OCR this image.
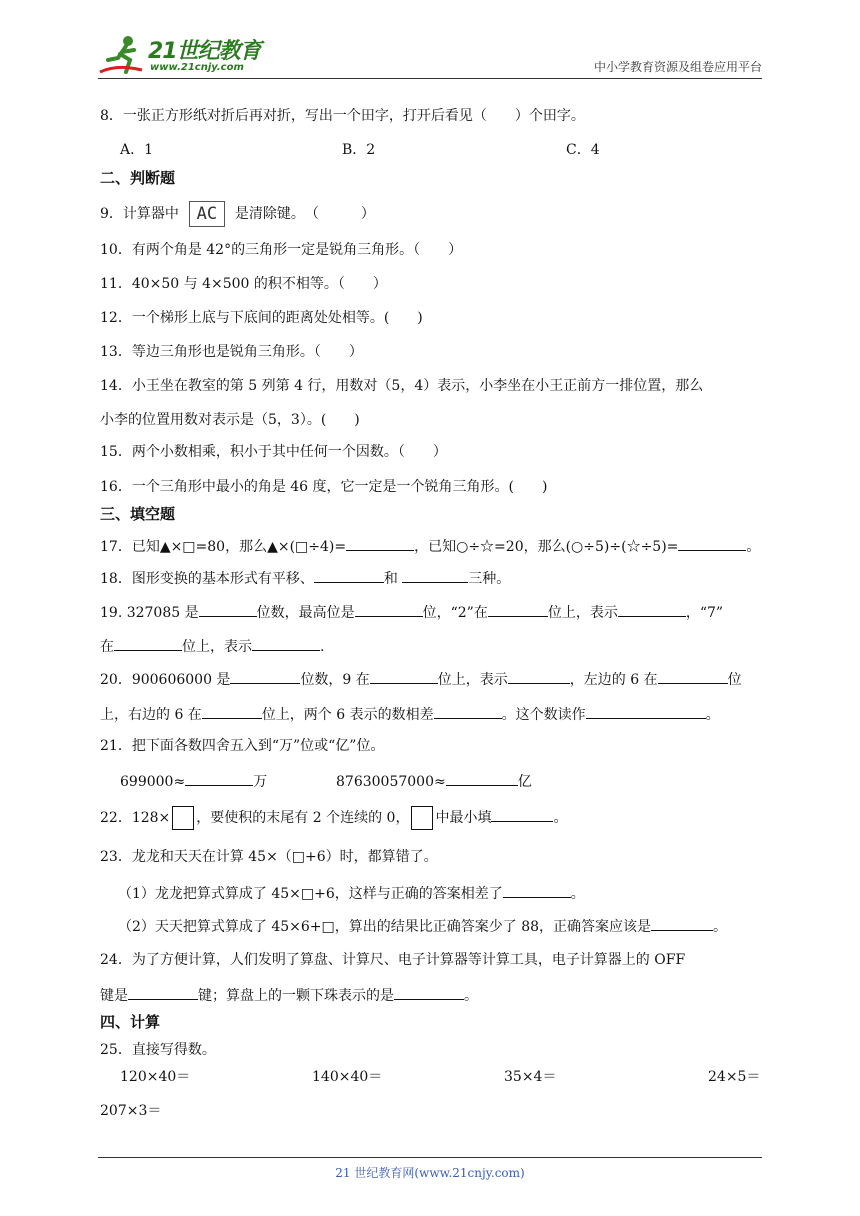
21世纪教育
www.21cnjy.com	中小学教育资源及组卷应用平台
8．一张正方形纸对折后再对折，写出一个田字，打开后看见（　　）个田字。
A．1	B．2	C．4
二、判断题
9．计算器中 AC 是清除键。　（　　　）
10．有两个角是 42°的三角形一定是锐角三角形。（　　）
11．40×50 与 4×500 的积不相等。（　　）
12．一个梯形上底与下底间的距离处处相等。(　　)
13．等边三角形也是锐角三角形。（　　）
14．小王坐在教室的第 5 列第 4 行，用数对（5，4）表示，小李坐在小王正前方一排位置，那么
小李的位置用数对表示是（5，3）。(　　)
15．两个小数相乘，积小于其中任何一个因数。（　　）
16．一个三角形中最小的角是 46 度，它一定是一个锐角三角形。(　　)
三、填空题
17．已知▲×□=80，那么▲×(□÷4)=	，已知○÷☆=20，那么(○÷5)÷(☆÷5)=	。
18．图形变换的基本形式有平移、	和	三种。
19. 327085 是	位数，最高位是	位，“2”在	位上，表示	，“7”
在	位上，表示	.
20．900606000 是	位数，9 在	位上，表示	，左边的 6 在	位
上，右边的 6 在	位上，两个 6 表示的数相差	。这个数读作	。
21．把下面各数四舍五入到“万”位或“亿”位。
699000≈	万	87630057000≈	亿
22．128× ，要使积的末尾有 2 个连续的 0， 中最小填	。
23．龙龙和天天在计算 45×（□+6）时，都算错了。
（1）龙龙把算式算成了 45×□+6，这样与正确的答案相差了	。
（2）天天把算式算成了 45×6+□，算出的结果比正确答案少了 88，正确答案应该是	。
24．为了方便计算，人们发明了算盘、计算尺、电子计算器等计算工具，电子计算器上的 OFF
键是	键；算盘上的一颗下珠表示的是	。
四、计算
25．直接写得数。
120×40＝	140×40＝	35×4＝	24×5＝
207×3＝
21 世纪教育网(www.21cnjy.com)
